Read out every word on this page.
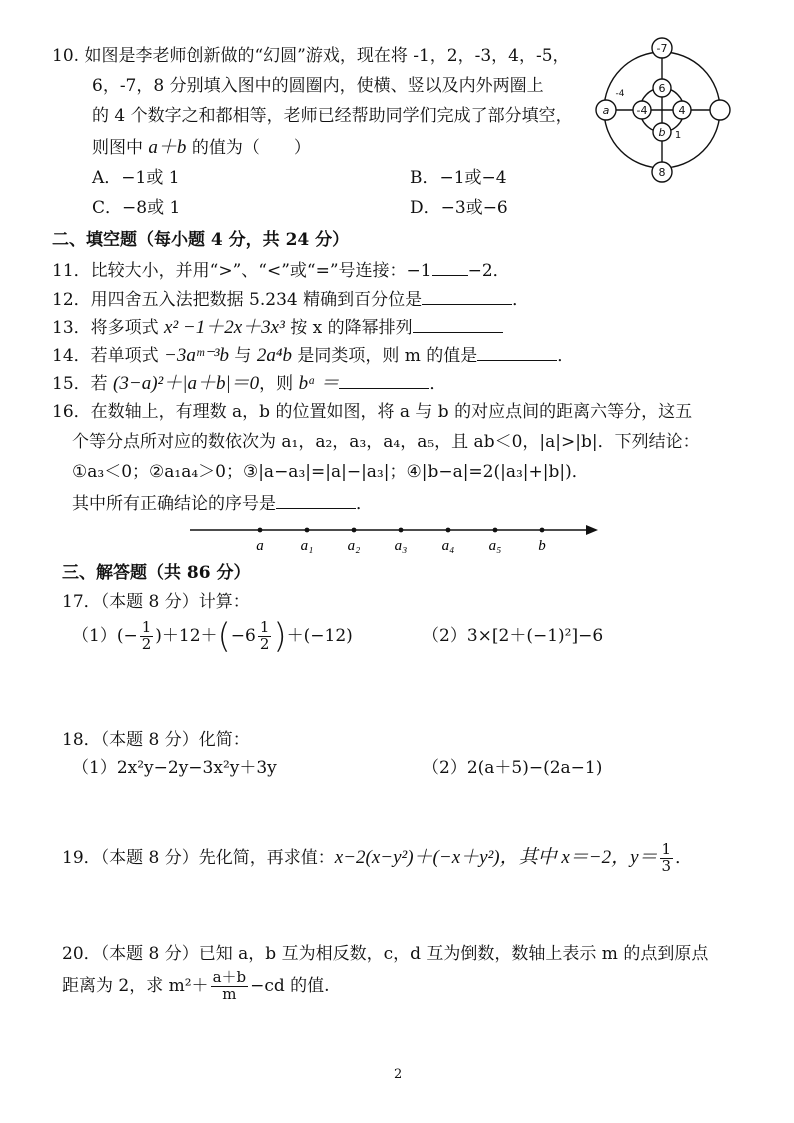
10. 如图是李老师创新做的“幻圆”游戏，现在将 -1，2，-3，4，-5，
6，-7，8 分别填入图中的圆圈内，使横、竖以及内外两圈上
的 4 个数字之和都相等，老师已经帮助同学们完成了部分填空，
则图中 a＋b 的值为（　　）
A．−1或 1	B．−1或−4
C．−8或 1	D．−3或−6
-7
6
-4	4
b
8
a
-4
1
二、填空题（每小题 4 分，共 24 分）
11．比较大小，并用“>”、“<”或“=”号连接：−1 −2．
12．用四舍五入法把数据 5.234 精确到百分位是	．
13．将多项式 x² −1＋2x＋3x³ 按 x 的降幂排列
14．若单项式 −3aᵐ⁻³b 与 2a⁴b 是同类项，则 m 的值是	．
15．若 (3−a)²＋|a＋b|＝0，则 bᵃ ＝	．
16．在数轴上，有理数 a，b 的位置如图，将 a 与 b 的对应点间的距离六等分，这五
个等分点所对应的数依次为 a₁，a₂，a₃，a₄，a₅，且 ab＜0，|a|>|b|．下列结论：
①a₃＜0；②a₁a₄＞0；③|a−a₃|=|a|−|a₃|；④|b−a|=2(|a₃|+|b|)．
其中所有正确结论的序号是	．
a a₁ a₂ a₃ a₄ a₅ b
三、解答题（共 86 分）
17．（本题 8 分）计算：
$(1)(- \frac{1}{2} )+12+(-6 \frac{1}{2} )+(-12)$	（2）3×[2＋(−1)²]−6
18．（本题 8 分）化简：
（1）2x²y−2y−3x²y＋3y	（2）2(a＋5)−(2a−1)
19．（本题 8 分）先化简，再求值：x−2(x−y²)＋(−x＋y²)，其中 x＝−2，$y= \frac{1}{3}$ ．
20．（本题 8 分）已知 a，b 互为相反数，c，d 互为倒数，数轴上表示 m 的点到原点
距离为 2，求 $m^2+ \frac{a+b}{m} -cd$ 的值.
2
